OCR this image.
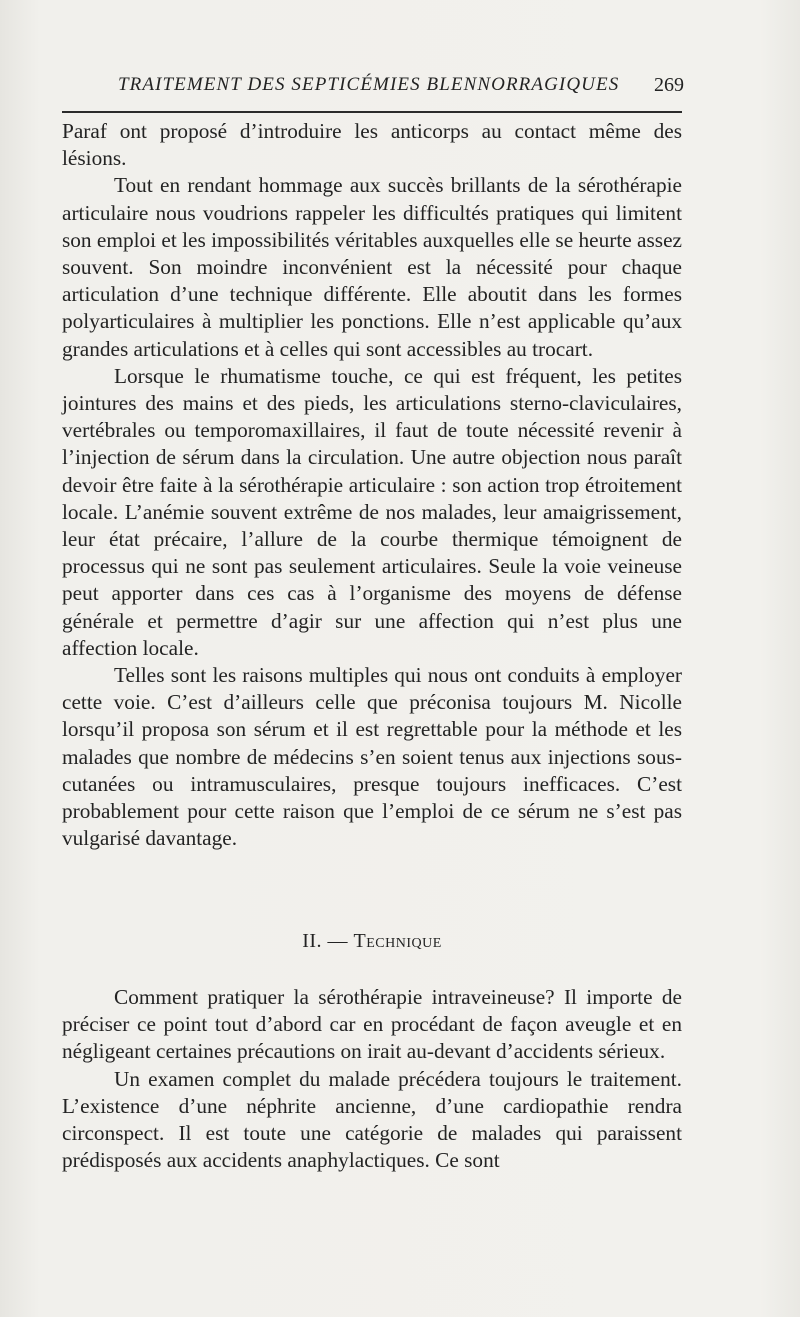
TRAITEMENT DES SEPTICÉMIES BLENNORRAGIQUES 269

Paraf ont proposé d’introduire les anticorps au contact même des lésions.

Tout en rendant hommage aux succès brillants de la sérothérapie articulaire nous voudrions rappeler les difficultés pratiques qui limitent son emploi et les impossibilités véritables auxquelles elle se heurte assez souvent. Son moindre inconvénient est la nécessité pour chaque articulation d’une technique différente. Elle aboutit dans les formes polyarticulaires à multiplier les ponctions. Elle n’est applicable qu’aux grandes articulations et à celles qui sont accessibles au trocart.

Lorsque le rhumatisme touche, ce qui est fréquent, les petites jointures des mains et des pieds, les articulations sterno-claviculaires, vertébrales ou temporomaxillaires, il faut de toute nécessité revenir à l’injection de sérum dans la circulation. Une autre objection nous paraît devoir être faite à la sérothérapie articulaire : son action trop étroitement locale. L’anémie souvent extrême de nos malades, leur amaigrissement, leur état précaire, l’allure de la courbe thermique témoignent de processus qui ne sont pas seulement articulaires. Seule la voie veineuse peut apporter dans ces cas à l’organisme des moyens de défense générale et permettre d’agir sur une affection qui n’est plus une affection locale.

Telles sont les raisons multiples qui nous ont conduits à employer cette voie. C’est d’ailleurs celle que préconisa toujours M. Nicolle lorsqu’il proposa son sérum et il est regrettable pour la méthode et les malades que nombre de médecins s’en soient tenus aux injections sous-cutanées ou intramusculaires, presque toujours inefficaces. C’est probablement pour cette raison que l’emploi de ce sérum ne s’est pas vulgarisé davantage.

II. — Technique

Comment pratiquer la sérothérapie intraveineuse? Il importe de préciser ce point tout d’abord car en procédant de façon aveugle et en négligeant certaines précautions on irait au-devant d’accidents sérieux.

Un examen complet du malade précédera toujours le traitement. L’existence d’une néphrite ancienne, d’une cardiopathie rendra circonspect. Il est toute une catégorie de malades qui paraissent prédisposés aux accidents anaphylactiques. Ce sont
